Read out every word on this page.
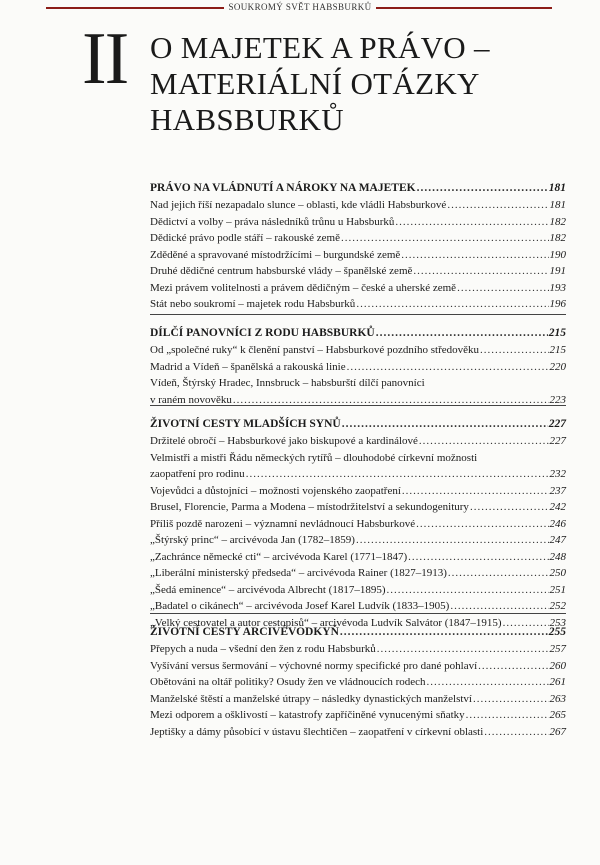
SOUKROMÝ SVĚT HABSBURKŮ
II O MAJETEK A PRÁVO –
MATERIÁLNÍ OTÁZKY
HABSBURKŮ
PRÁVO NA VLÁDNUTÍ A NÁROKY NA MAJETEK .....	181
Nad jejich říší nezapadalo slunce – oblasti, kde vládli Habsburkové .....	181
Dědictví a volby – práva následníků trůnu u Habsburků .....	182
Dědické právo podle stáří – rakouské země .....	182
Zděděné a spravované místodržícími – burgundské země .....	190
Druhé dědičné centrum habsburské vlády – španělské země .....	191
Mezi právem volitelnosti a právem dědičným – české a uherské země .....	193
Stát nebo soukromí – majetek rodu Habsburků .....	196
DÍLČÍ PANOVNÍCI Z RODU HABSBURKŮ .....	215
Od „společné ruky“ k členění panství – Habsburkové pozdního středověku .....	215
Madrid a Vídeň – španělská a rakouská linie .....	220
Vídeň, Štýrský Hradec, Innsbruck – habsburští dílčí panovníci
v raném novověku .....	223
ŽIVOTNÍ CESTY MLADŠÍCH SYNŮ .....	227
Držitelé obročí – Habsburkové jako biskupové a kardinálové .....	227
Velmistři a mistři Řádu německých rytířů – dlouhodobé církevní možnosti
zaopatření pro rodinu .....	232
Vojevůdci a důstojníci – možnosti vojenského zaopatření .....	237
Brusel, Florencie, Parma a Modena – místodržitelství a sekundogenitury .....	242
Příliš pozdě narozeni – významní nevládnoucí Habsburkové .....	246
„Štýrský princ“ – arcivévoda Jan (1782–1859) .....	247
„Zachránce německé cti“ – arcivévoda Karel (1771–1847) .....	248
„Liberální ministerský předseda“ – arcivévoda Rainer (1827–1913) .....	250
„Šedá eminence“ – arcivévoda Albrecht (1817–1895) .....	251
„Badatel o cikánech“ – arcivévoda Josef Karel Ludvík (1833–1905) .....	252
„Velký cestovatel a autor cestopisů“ – arcivévoda Ludvík Salvátor (1847–1915) .....	253
ŽIVOTNÍ CESTY ARCIVÉVODKYŇ .....	255
Přepych a nuda – všední den žen z rodu Habsburků .....	257
Vyšívání versus šermování – výchovné normy specifické pro dané pohlaví .....	260
Obětováni na oltář politiky? Osudy žen ve vládnoucích rodech .....	261
Manželské štěstí a manželské útrapy – následky dynastických manželství .....	263
Mezi odporem a ošklivostí – katastrofy zapříčiněné vynucenými sňatky .....	265
Jeptišky a dámy působící v ústavu šlechtičen – zaopatření v církevní oblasti .....	267
